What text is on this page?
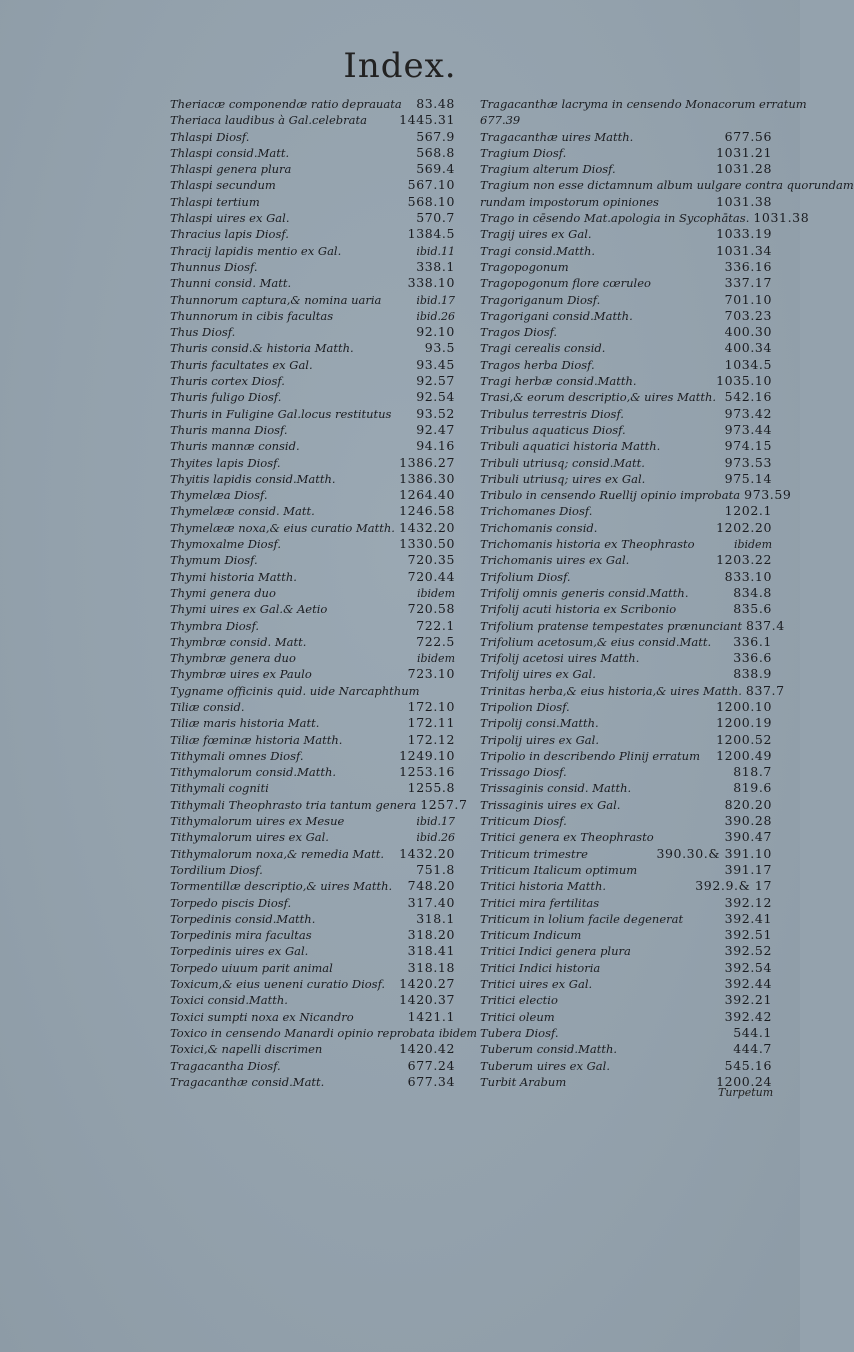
Index.
Theriacæ componendæ ratio deprauata	83.48
Theriaca laudibus à Gal.celebrata	1445.31
Thlaspi Diosf.	567.9
Thlaspi consid.Matt.	568.8
Thlaspi genera plura	569.4
Thlaspi secundum	567.10
Thlaspi tertium	568.10
Thlaspi uires ex Gal.	570.7
Thracius lapis Diosf.	1384.5
Thracij lapidis mentio ex Gal.	ibid.11
Thunnus Diosf.	338.1
Thunni consid. Matt.	338.10
Thunnorum captura,& nomina uaria	ibid.17
Thunnorum in cibis facultas	ibid.26
Thus Diosf.	92.10
Thuris consid.& historia Matth.	93.5
Thuris facultates ex Gal.	93.45
Thuris cortex Diosf.	92.57
Thuris fuligo Diosf.	92.54
Thuris in Fuligine Gal.locus restitutus	93.52
Thuris manna Diosf.	92.47
Thuris mannæ consid.	94.16
Thyites lapis Diosf.	1386.27
Thyitis lapidis consid.Matth.	1386.30
Thymelæa Diosf.	1264.40
Thymelææ consid. Matt.	1246.58
Thymelææ noxa,& eius curatio Matth. 1432.20
Thymoxalme Diosf.	1330.50
Thymum Diosf.	720.35
Thymi historia Matth.	720.44
Thymi genera duo	ibidem
Thymi uires ex Gal.& Aetio	720.58
Thymbra Diosf.	722.1
Thymbræ consid. Matt.	722.5
Thymbræ genera duo	ibidem
Thymbræ uires ex Paulo	723.10
Tygname officinis quid. uide Narcaphthum
Tiliæ consid.	172.10
Tiliæ maris historia Matt.	172.11
Tiliæ fœminæ historia Matth.	172.12
Tithymali omnes Diosf.	1249.10
Tithymalorum consid.Matth.	1253.16
Tithymali cogniti	1255.8
Tithymali Theophrasto tria tantum genera 1257.7
Tithymalorum uires ex Mesue	ibid.17
Tithymalorum uires ex Gal.	ibid.26
Tithymalorum noxa,& remedia Matt.	1432.20
Tordilium Diosf.	751.8
Tormentillæ descriptio,& uires Matth.	748.20
Torpedo piscis Diosf.	317.40
Torpedinis consid.Matth.	318.1
Torpedinis mira facultas	318.20
Torpedinis uires ex Gal.	318.41
Torpedo uiuum parit animal	318.18
Toxicum,& eius ueneni curatio Diosf.	1420.27
Toxici consid.Matth.	1420.37
Toxici sumpti noxa ex Nicandro	1421.1
Toxico in censendo Manardi opinio reprobata ibidem
Toxici,& napelli discrimen	1420.42
Tragacantha Diosf.	677.24
Tragacanthæ consid.Matt.	677.34
Tragacanthæ lacryma in censendo Monacorum erratum
677.39
Tragacanthæ uires Matth.	677.56
Tragium Diosf.	1031.21
Tragium alterum Diosf.	1031.28
Tragium non esse dictamnum album uulgare contra quorundam
rundam impostorum opiniones	1031.38
Trago in cēsendo Mat.apologia in Sycophātas. 1031.38
Tragij uires ex Gal.	1033.19
Tragi consid.Matth.	1031.34
Tragopogonum	336.16
Tragopogonum flore cœruleo	337.17
Tragoriganum Diosf.	701.10
Tragorigani consid.Matth.	703.23
Tragos Diosf.	400.30
Tragi cerealis consid.	400.34
Tragos herba Diosf.	1034.5
Tragi herbæ consid.Matth.	1035.10
Trasi,& eorum descriptio,& uires Matth. 542.16
Tribulus terrestris Diosf.	973.42
Tribulus aquaticus Diosf.	973.44
Tribuli aquatici historia Matth.	974.15
Tribuli utriusq; consid.Matt.	973.53
Tribuli utriusq; uires ex Gal.	975.14
Tribulo in censendo Ruellij opinio improbata 973.59
Trichomanes Diosf.	1202.1
Trichomanis consid.	1202.20
Trichomanis historia ex Theophrasto	ibidem
Trichomanis uires ex Gal.	1203.22
Trifolium Diosf.	833.10
Trifolij omnis generis consid.Matth.	834.8
Trifolij acuti historia ex Scribonio	835.6
Trifolium pratense tempestates prænunciant 837.4
Trifolium acetosum,& eius consid.Matt.	336.1
Trifolij acetosi uires Matth.	336.6
Trifolij uires ex Gal.	838.9
Trinitas herba,& eius historia,& uires Matth. 837.7
Tripolion Diosf.	1200.10
Tripolij consi.Matth.	1200.19
Tripolij uires ex Gal.	1200.52
Tripolio in describendo Plinij erratum	1200.49
Trissago Diosf.	818.7
Trissaginis consid. Matth.	819.6
Trissaginis uires ex Gal.	820.20
Triticum Diosf.	390.28
Tritici genera ex Theophrasto	390.47
Triticum trimestre	390.30.& 391.10
Triticum Italicum optimum	391.17
Tritici historia Matth.	392.9.& 17
Tritici mira fertilitas	392.12
Triticum in lolium facile degenerat	392.41
Triticum Indicum	392.51
Tritici Indici genera plura	392.52
Tritici Indici historia	392.54
Tritici uires ex Gal.	392.44
Tritici electio	392.21
Tritici oleum	392.42
Tubera Diosf.	544.1
Tuberum consid.Matth.	444.7
Tuberum uires ex Gal.	545.16
Turbit Arabum	1200.24
Turpetum
